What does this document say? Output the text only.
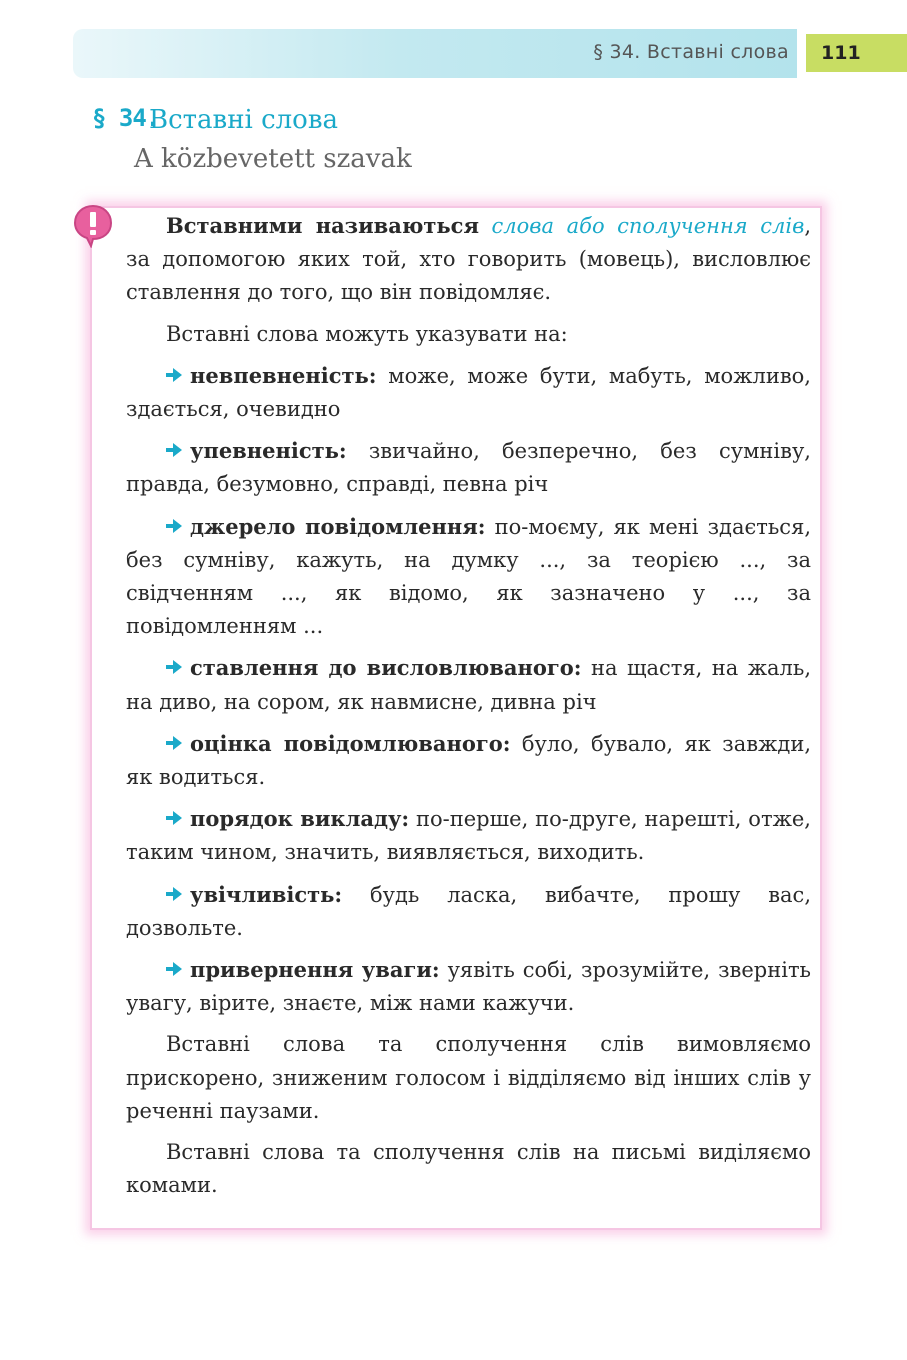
§ 34. Вставні слова	111
§ 34.
Вставні слова
A közbevetett szavak

Вставними називаються слова або сполучення слів, за допомогою яких той, хто говорить (мовець), висловлює ставлення до того, що він повідомляє.

Вставні слова можуть указувати на:

невпевненість: може, може бути, мабуть, можливо, здається, очевидно

упевненість: звичайно, безперечно, без сумніву, правда, безумовно, справді, певна річ

джерело повідомлення: по-моєму, як мені здається, без сумніву, кажуть, на думку ..., за теорією ..., за свідченням ..., як відомо, як зазначено у ..., за повідомленням ...

ставлення до висловлюваного: на щастя, на жаль, на диво, на сором, як навмисне, дивна річ

оцінка повідомлюваного: було, бувало, як завжди, як водиться.

порядок викладу: по-перше, по-друге, нарешті, отже, таким чином, значить, виявляється, виходить.

увічливість: будь ласка, вибачте, прошу вас, дозвольте.

привернення уваги: уявіть собі, зрозумійте, зверніть увагу, вірите, знаєте, між нами кажучи.

Вставні слова та сполучення слів вимовляємо прискорено, зниженим голосом і відділяємо від інших слів у реченні паузами.

Вставні слова та сполучення слів на письмі виділяємо комами.
